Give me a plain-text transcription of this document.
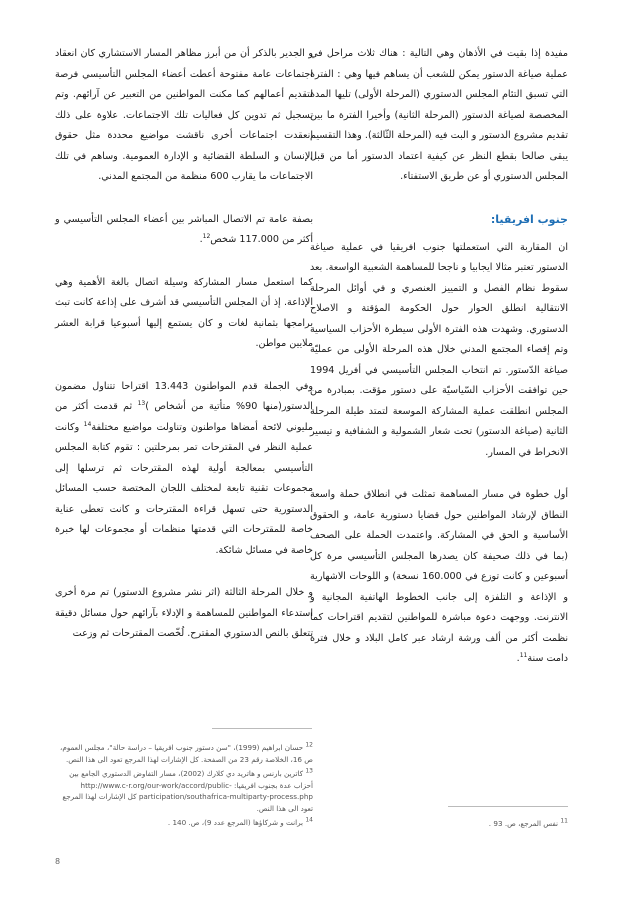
مفيدة إذا بقيت في الأذهان وهي التالية : هناك ثلاث مراحل في عملية صياغة الدستور يمكن للشعب أن يساهم فيها وهي : الفترة التي تسبق التئام المجلس الدستوري (المرحلة الأولى) تليها المدة المخصصة لصياغة الدستور (المرحلة الثانية) وأخيرا الفترة ما بين تقديم مشروع الدستور و البت فيه (المرحلة الثّالثة). وهذا التقسيم يبقى صالحا بقطع النظر عن كيفية اعتماد الدستور أما من قبل المجلس الدستوري أو عن طريق الاستفتاء.

جنوب افريقيا:

ان المقاربة التي استعملتها جنوب افريقيا في عملية صياغة الدستور تعتبر مثالا ايجابيا و ناجحا للمساهمة الشعبية الواسعة. بعد سقوط نظام الفصل و التمييز العنصري و في أوائل المرحلة الانتقالية انطلق الحوار حول الحكومة المؤقتة و الاصلاح الدستوري. وشهدت هذه الفترة الأولى سيطرة الأحزاب السياسية وتم إقصاء المجتمع المدني خلال هذه المرحلة الأولى من عمليّة صياغة الدّستور. تم انتخاب المجلس التأسيسي في أفريل 1994 حين توافقت الأحزاب السّياسيّة على دستور مؤقت. بمبادرة من المجلس انطلقت عملية المشاركة الموسعة لتمتد طيلة المرحلة الثانية (صياغة الدستور) تحت شعار الشمولية و الشفافية و تيسير الانخراط في المسار.

أول خطوة في مسار المساهمة تمثلت في انطلاق حملة واسعة النطاق لإرشاد المواطنين حول قضايا دستورية عامة، و الحقوق الأساسية و الحق في المشاركة. واعتمدت الحملة على الصحف (بما في ذلك صحيفة كان يصدرها المجلس التأسيسي مرة كل أسبوعين و كانت توزع في 160.000 نسخة) و اللوحات الاشهارية و الإذاعة و التلفزة إلى جانب الخطوط الهاتفية المجانية و الانترنت. ووجهت دعوة مباشرة للمواطنين لتقديم اقتراحات كما نظمت أكثر من ألف ورشة ارشاد عبر كامل البلاد و خلال فترة دامت سنة$^{11}$.

و الجدير بالذكر أن من أبرز مظاهر المسار الاستشاري كان انعقاد اجتماعات عامة مفتوحة أعطت أعضاء المجلس التأسيسي فرصة لتقديم أعمالهم كما مكنت المواطنين من التعبير عن آرائهم. وتم تسجيل ثم تدوين كل فعاليات تلك الاجتماعات. علاوة على ذلك انعقدت اجتماعات أخرى ناقشت مواضيع محددة مثل حقوق الإنسان و السلطة القضائية و الإدارة العمومية. وساهم في تلك الاجتماعات ما يقارب 600 منظمة من المجتمع المدني.

بصفة عامة تم الاتصال المباشر بين أعضاء المجلس التأسيسي و أكثر من 117.000 شخص$^{12}$.

كما استعمل مسار المشاركة وسيلة اتصال بالغة الأهمية وهي الإذاعة. إذ أن المجلس التأسيسي قد أشرف على إذاعة كانت تبث برامجها بثمانية لغات و كان يستمع إليها أسبوعيا قرابة العشر ملايين مواطن.

وفي الجملة قدم المواطنون 13.443 اقتراحا تتناول مضمون الدستور(منها 90% متأتية من أشخاص )$^{13}$ ثم قدمت أكثر من مليوني لائحة أمضاها مواطنون وتناولت مواضيع مختلفة$^{14}$ وكانت عملية النظر في المقترحات تمر بمرحلتين : تقوم كتابة المجلس التأسيسي بمعالجة أولية لهذه المقترحات ثم ترسلها إلى مجموعات تقنية تابعة لمختلف اللجان المختصة حسب المسائل الدستورية حتى تسهل قراءة المقترحات و كانت تعطى عناية خاصة للمقترحات التي قدمتها منظمات أو مجموعات لها خبرة خاصة في مسائل شائكة.

و خلال المرحلة الثالثة (اثر نشر مشروع الدستور) تم مرة أخرى استدعاء المواطنين للمساهمة و الإدلاء بآرائهم حول مسائل دقيقة تتعلق بالنص الدستوري المقترح. لُخّصت المقترحات ثم وزعت

$^{12}$ حسان ابراهيم (1999)، "سن دستور جنوب افريقيا – دراسة حالة"، مجلس العموم، ص 16، الخلاصة رقم 23 من الصفحة. كل الإشارات لهذا المرجع تعود الى هذا النص.
$^{13}$ كاترين بارنس و هاتريد دي كلارك (2002)، مسار التفاوض الدستوري الجامع بين أحزاب عدة بجنوب افريقيا: http://www.c-r.org/our-work/accord/public-participation/southafrica-multiparty-process.php كل الإشارات لهذا المرجع تعود الى هذا النص.
$^{14}$ برانت و شركاؤها (المرجع عدد 9)، ص. 140 .	$^{11}$ نفس المرجع، ص. 93 .
8
